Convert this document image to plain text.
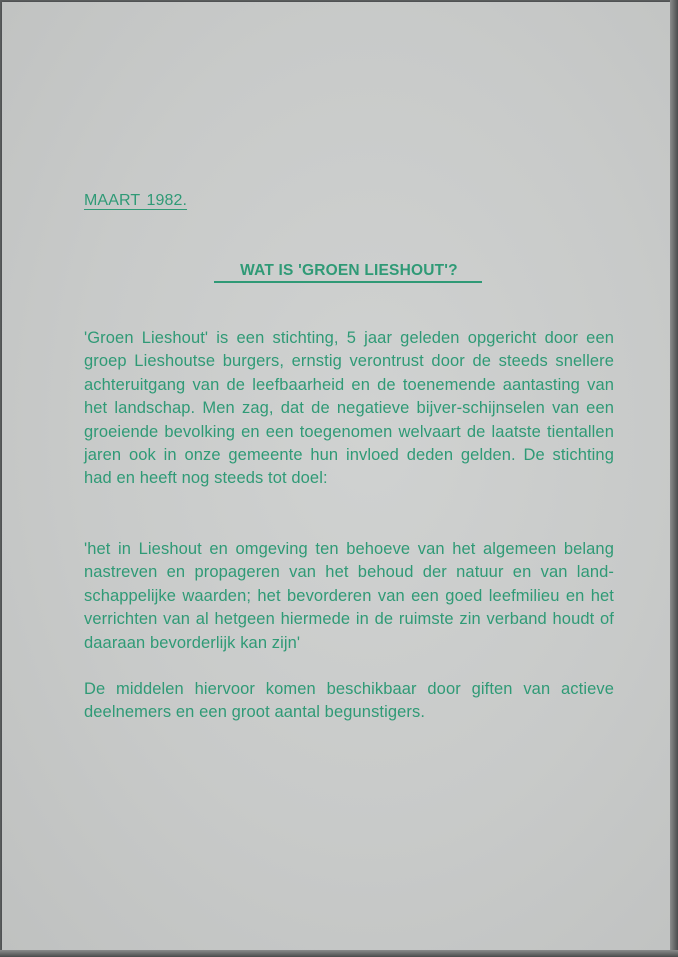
MAART 1982.
WAT IS 'GROEN LIESHOUT'?
'Groen Lieshout' is een stichting, 5 jaar geleden opgericht door een groep Lieshoutse burgers, ernstig verontrust door de steeds snellere achteruitgang van de leefbaarheid en de toenemende aantasting van het landschap. Men zag, dat de negatieve bijver-schijnselen van een groeiende bevolking en een toegenomen welvaart de laatste tientallen jaren ook in onze gemeente hun invloed deden gelden. De stichting had en heeft nog steeds tot doel:
'het in Lieshout en omgeving ten behoeve van het algemeen belang nastreven en propageren van het behoud der natuur en van land-schappelijke waarden; het bevorderen van een goed leefmilieu en het verrichten van al hetgeen hiermede in de ruimste zin verband houdt of daaraan bevorderlijk kan zijn'
De middelen hiervoor komen beschikbaar door giften van actieve deelnemers en een groot aantal begunstigers.
